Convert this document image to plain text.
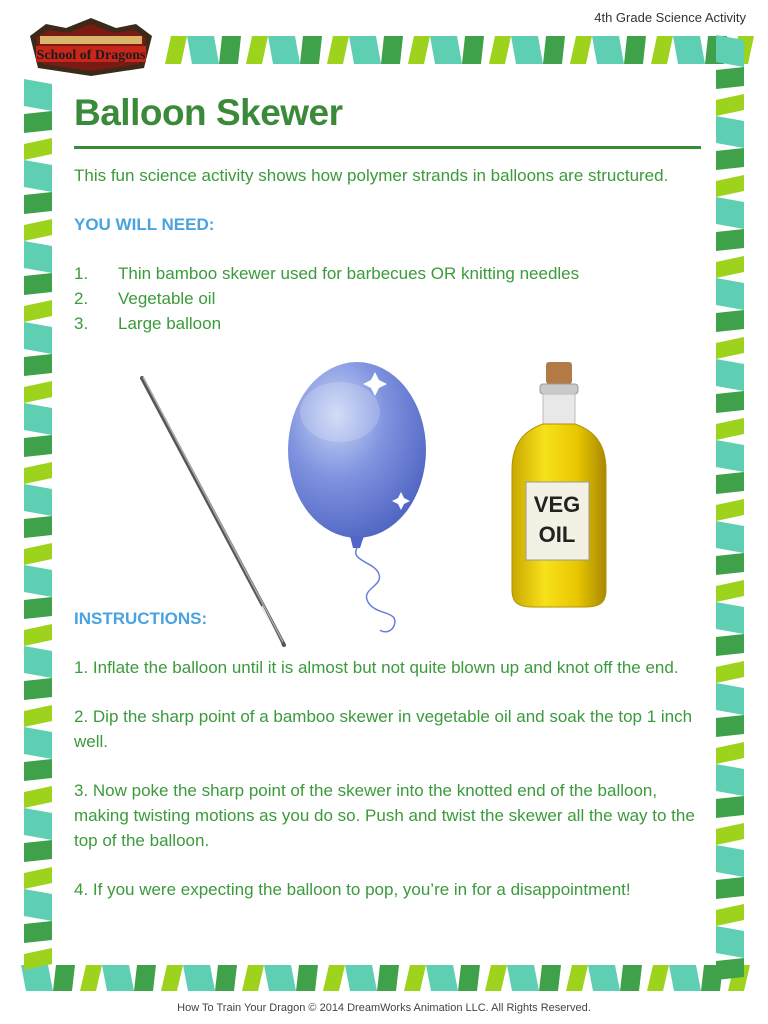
4th Grade Science Activity
School of Dragons
Balloon Skewer
This fun science activity shows how polymer strands in balloons are structured.
YOU WILL NEED:
1.	Thin bamboo skewer used for barbecues OR knitting needles
2.	Vegetable oil
3.	Large balloon
VEG
OIL
INSTRUCTIONS:
1. Inflate the balloon until it is almost but not quite blown up and knot off the end.
2. Dip the sharp point of a bamboo skewer in vegetable oil and soak the top 1 inch well.
3. Now poke the sharp point of the skewer into the knotted end of the balloon, making twisting motions as you do so. Push and twist the skewer all the way to the top of the balloon.
4. If you were expecting the balloon to pop, you’re in for a disappointment!
How To Train Your Dragon © 2014 DreamWorks Animation LLC. All Rights Reserved.
